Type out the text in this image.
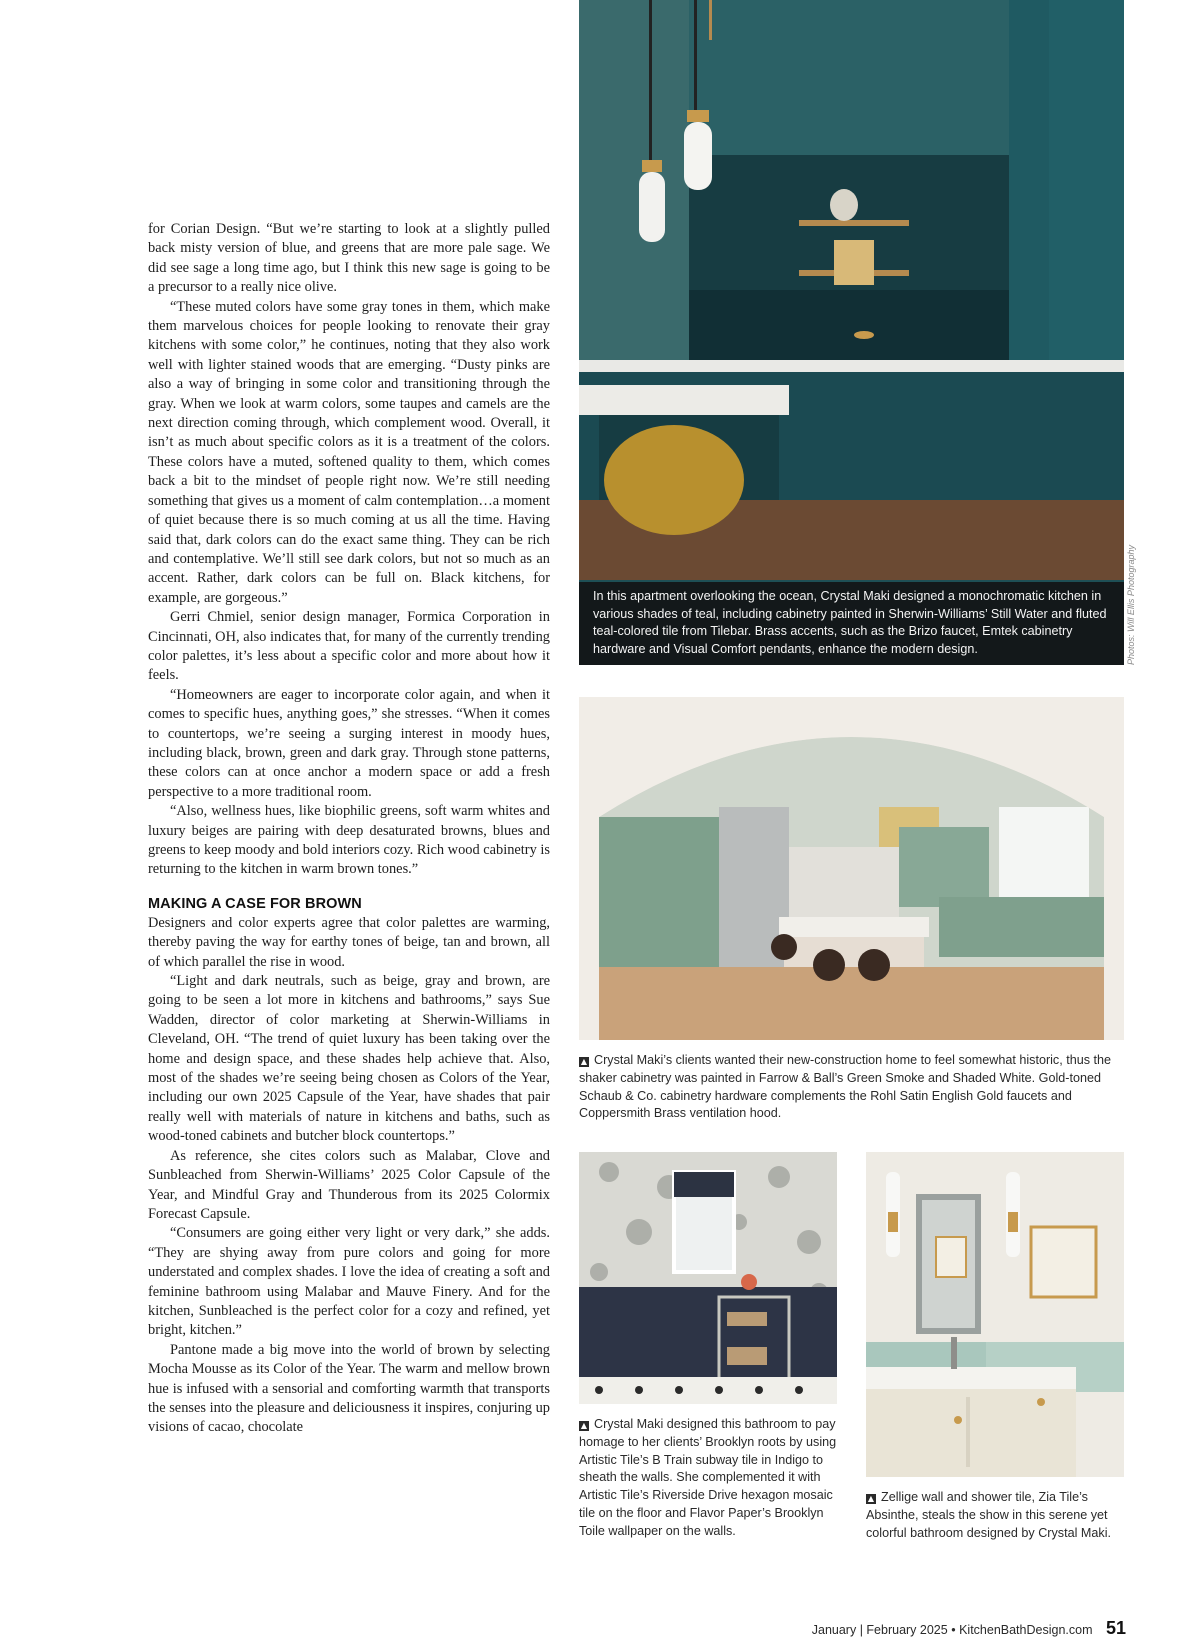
for Corian Design. “But we’re starting to look at a slightly pulled back misty version of blue, and greens that are more pale sage. We did see sage a long time ago, but I think this new sage is going to be a precursor to a really nice olive.

“These muted colors have some gray tones in them, which make them marvelous choices for people looking to renovate their gray kitchens with some color,” he continues, noting that they also work well with lighter stained woods that are emerging. “Dusty pinks are also a way of bringing in some color and transitioning through the gray. When we look at warm colors, some taupes and camels are the next direction coming through, which complement wood. Overall, it isn’t as much about specific colors as it is a treatment of the colors. These colors have a muted, softened quality to them, which comes back a bit to the mindset of people right now. We’re still needing something that gives us a moment of calm contemplation…a moment of quiet because there is so much coming at us all the time. Having said that, dark colors can do the exact same thing. They can be rich and contemplative. We’ll still see dark colors, but not so much as an accent. Rather, dark colors can be full on. Black kitchens, for example, are gorgeous.”

Gerri Chmiel, senior design manager, Formica Corporation in Cincinnati, OH, also indicates that, for many of the currently trending color palettes, it’s less about a specific color and more about how it feels.

“Homeowners are eager to incorporate color again, and when it comes to specific hues, anything goes,” she stresses. “When it comes to countertops, we’re seeing a surging interest in moody hues, including black, brown, green and dark gray. Through stone patterns, these colors can at once anchor a modern space or add a fresh perspective to a more traditional room.

“Also, wellness hues, like biophilic greens, soft warm whites and luxury beiges are pairing with deep desaturated browns, blues and greens to keep moody and bold interiors cozy. Rich wood cabinetry is returning to the kitchen in warm brown tones.”

MAKING A CASE FOR BROWN

Designers and color experts agree that color palettes are warming, thereby paving the way for earthy tones of beige, tan and brown, all of which parallel the rise in wood.

“Light and dark neutrals, such as beige, gray and brown, are going to be seen a lot more in kitchens and bathrooms,” says Sue Wadden, director of color marketing at Sherwin-Williams in Cleveland, OH. “The trend of quiet luxury has been taking over the home and design space, and these shades help achieve that. Also, most of the shades we’re seeing being chosen as Colors of the Year, including our own 2025 Capsule of the Year, have shades that pair really well with materials of nature in kitchens and baths, such as wood-toned cabinets and butcher block countertops.”

As reference, she cites colors such as Malabar, Clove and Sunbleached from Sherwin-Williams’ 2025 Color Capsule of the Year, and Mindful Gray and Thunderous from its 2025 Colormix Forecast Capsule.

“Consumers are going either very light or very dark,” she adds. “They are shying away from pure colors and going for more understated and complex shades. I love the idea of creating a soft and feminine bathroom using Malabar and Mauve Finery. And for the kitchen, Sunbleached is the perfect color for a cozy and refined, yet bright, kitchen.”

Pantone made a big move into the world of brown by selecting Mocha Mousse as its Color of the Year. The warm and mellow brown hue is infused with a sensorial and comforting warmth that transports the senses into the pleasure and deliciousness it inspires, conjuring up visions of cacao, chocolate

In this apartment overlooking the ocean, Crystal Maki designed a monochromatic kitchen in various shades of teal, including cabinetry painted in Sherwin-Williams’ Still Water and fluted teal-colored tile from Tilebar. Brass accents, such as the Brizo faucet, Emtek cabinetry hardware and Visual Comfort pendants, enhance the modern design.	Photos: Will Ellis Photography
▲ Crystal Maki’s clients wanted their new-construction home to feel somewhat historic, thus the shaker cabinetry was painted in Farrow & Ball’s Green Smoke and Shaded White. Gold-toned Schaub & Co. cabinetry hardware complements the Rohl Satin English Gold faucets and Coppersmith Brass ventilation hood.
▲ Crystal Maki designed this bathroom to pay homage to her clients’ Brooklyn roots by using Artistic Tile’s B Train subway tile in Indigo to sheath the walls. She complemented it with Artistic Tile’s Riverside Drive hexagon mosaic tile on the floor and Flavor Paper’s Brooklyn Toile wallpaper on the walls.
▲ Zellige wall and shower tile, Zia Tile’s Absinthe, steals the show in this serene yet colorful bathroom designed by Crystal Maki.
January | February 2025 • KitchenBathDesign.com 51
